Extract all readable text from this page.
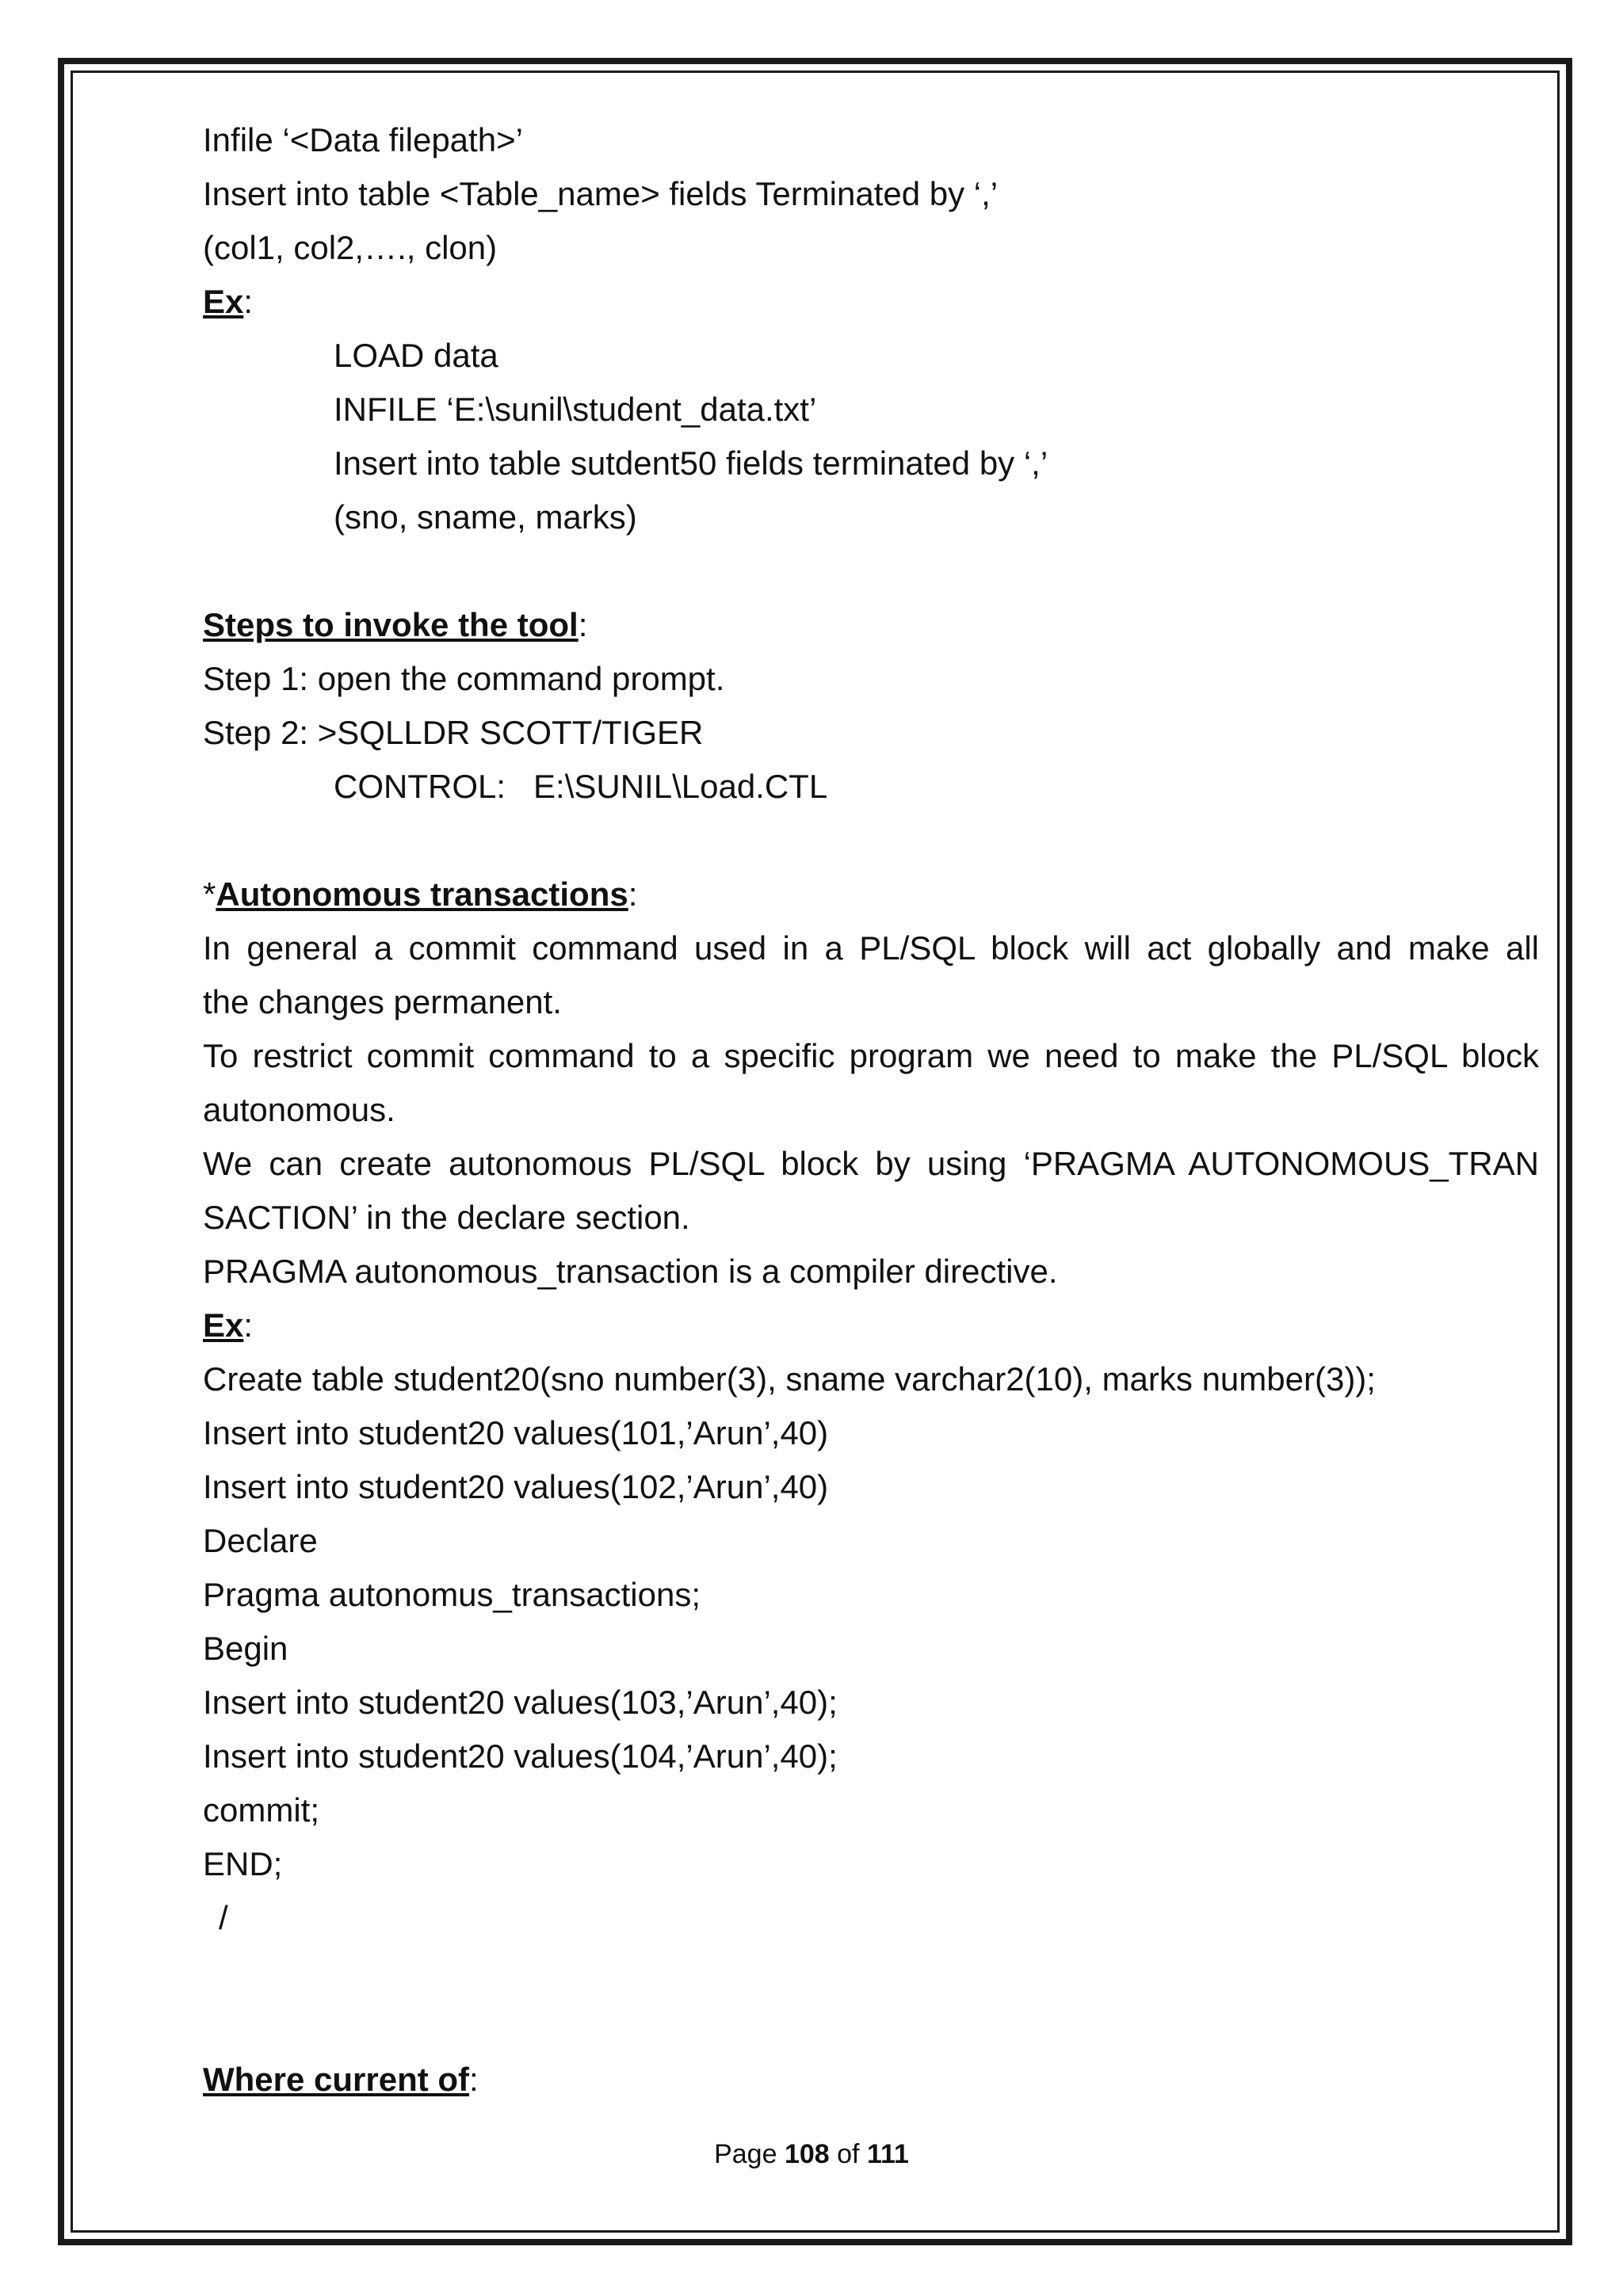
Infile ‘<Data filepath>’
Insert into table <Table_name> fields Terminated by ‘,’
(col1, col2,…., clon)
Ex:
LOAD data
INFILE ‘E:\sunil\student_data.txt’
Insert into table sutdent50 fields terminated by ‘,’
(sno, sname, marks)
Steps to invoke the tool:
Step 1: open the command prompt.
Step 2: >SQLLDR SCOTT/TIGER
CONTROL:   E:\SUNIL\Load.CTL
*Autonomous transactions:
In general a commit command used in a PL/SQL block will act globally and make all
the changes permanent.
To restrict commit command to a specific program we need to make the PL/SQL block
autonomous.
We can create autonomous PL/SQL block by using ‘PRAGMA AUTONOMOUS_TRAN
SACTION’ in the declare section.
PRAGMA autonomous_transaction is a compiler directive.
Ex:
Create table student20(sno number(3), sname varchar2(10), marks number(3));
Insert into student20 values(101,’Arun’,40)
Insert into student20 values(102,’Arun’,40)
Declare
Pragma autonomus_transactions;
Begin
Insert into student20 values(103,’Arun’,40);
Insert into student20 values(104,’Arun’,40);
commit;
END;
/
Where current of:
Page 108 of 111
